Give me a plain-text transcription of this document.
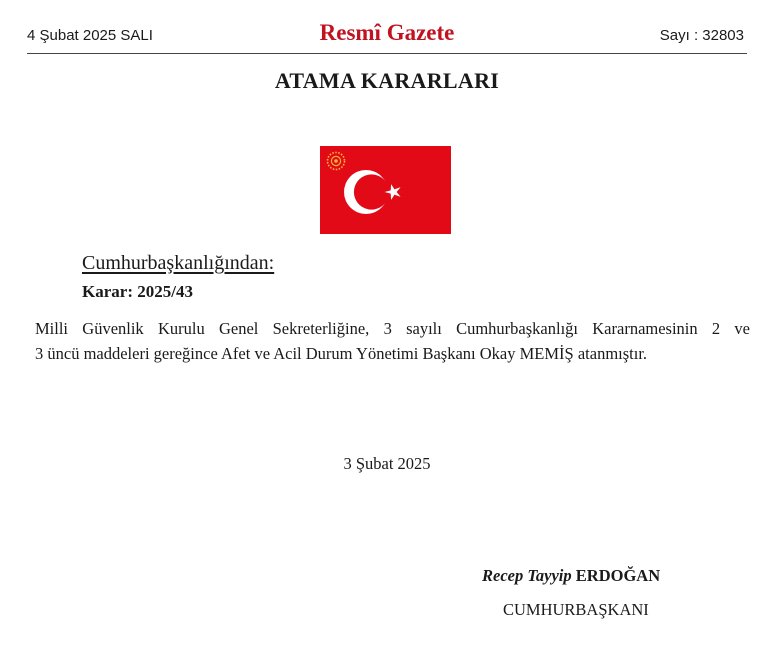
4 Şubat 2025 SALI	Resmî Gazete	Sayı : 32803
ATAMA KARARLARI
Cumhurbaşkanlığından:
Karar: 2025/43
Milli Güvenlik Kurulu Genel Sekreterliğine, 3 sayılı Cumhurbaşkanlığı Kararnamesinin 2 ve
3 üncü maddeleri gereğince Afet ve Acil Durum Yönetimi Başkanı Okay MEMİŞ atanmıştır.
3 Şubat 2025
Recep Tayyip ERDOĞAN
CUMHURBAŞKANI
